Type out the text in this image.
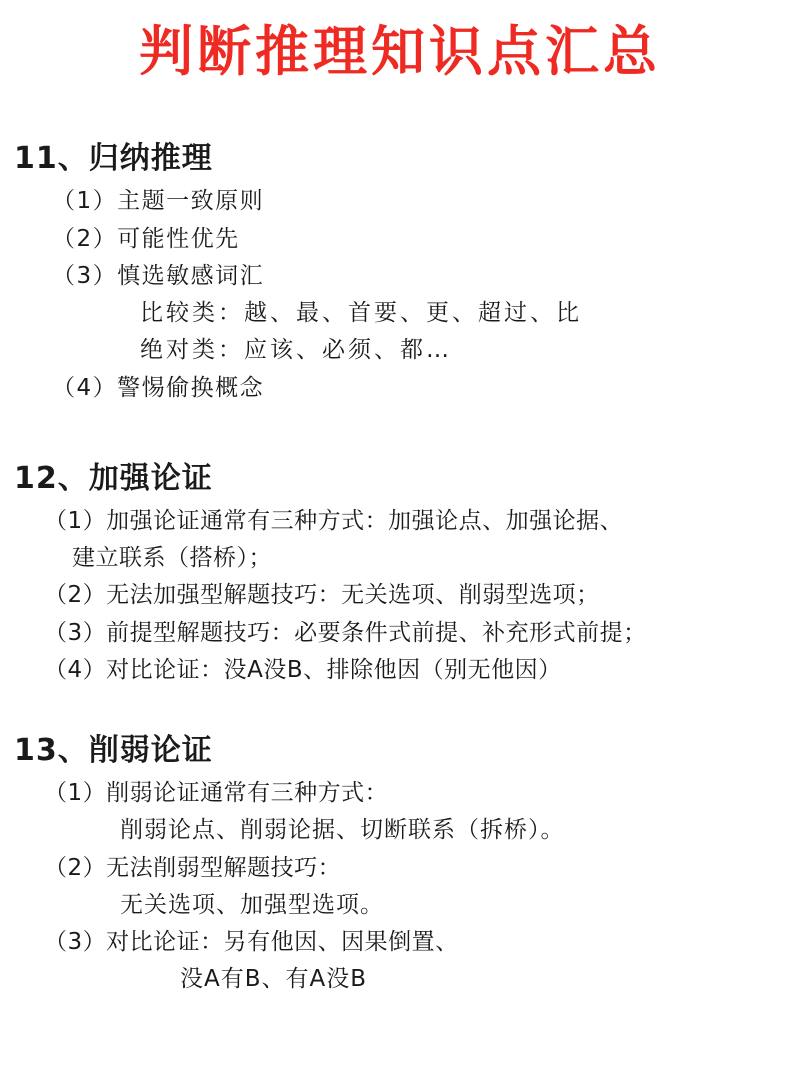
判断推理知识点汇总
11、归纳推理
（1）主题一致原则
（2）可能性优先
（3）慎选敏感词汇
比较类：越、最、首要、更、超过、比
绝对类：应该、必须、都…
（4）警惕偷换概念
12、加强论证
（1）加强论证通常有三种方式：加强论点、加强论据、
建立联系（搭桥）；
（2）无法加强型解题技巧：无关选项、削弱型选项；
（3）前提型解题技巧：必要条件式前提、补充形式前提；
（4）对比论证：没A没B、排除他因（别无他因）
13、削弱论证
（1）削弱论证通常有三种方式：
削弱论点、削弱论据、切断联系（拆桥）。
（2）无法削弱型解题技巧：
无关选项、加强型选项。
（3）对比论证：另有他因、因果倒置、
没A有B、有A没B
